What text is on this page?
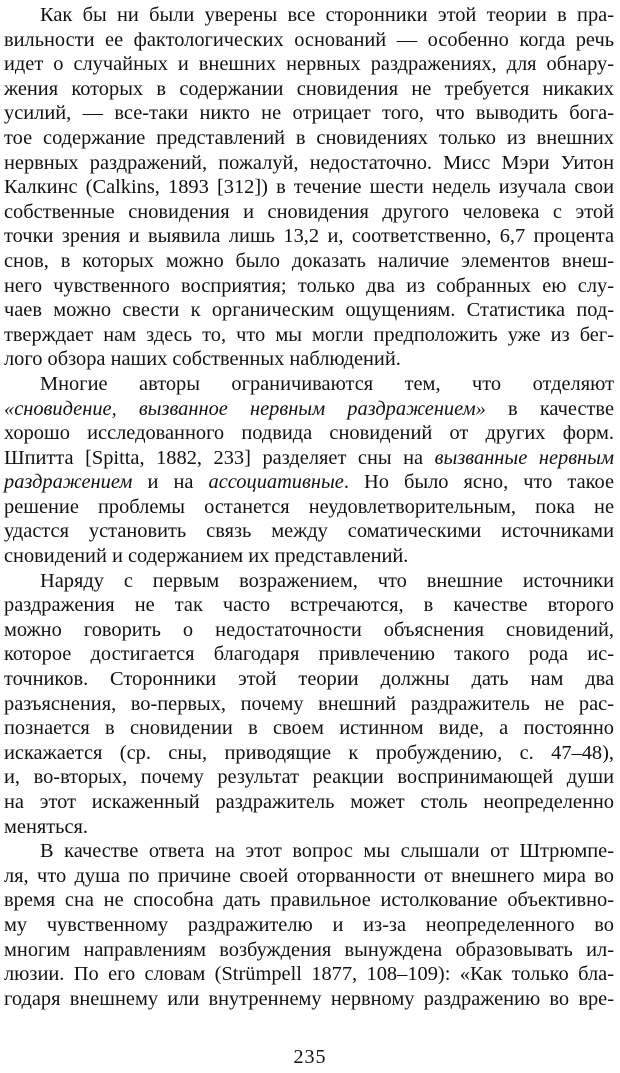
Как бы ни были уверены все сторонники этой теории в пра-
вильности ее фактологических оснований — особенно когда речь
идет о случайных и внешних нервных раздражениях, для обнару-
жения которых в содержании сновидения не требуется никаких
усилий, — все-таки никто не отрицает того, что выводить бога-
тое содержание представлений в сновидениях только из внешних
нервных раздражений, пожалуй, недостаточно. Мисс Мэри Уитон
Калкинс (Calkins, 1893 [312]) в течение шести недель изучала свои
собственные сновидения и сновидения другого человека с этой
точки зрения и выявила лишь 13,2 и, соответственно, 6,7 процента
снов, в которых можно было доказать наличие элементов внеш-
него чувственного восприятия; только два из собранных ею слу-
чаев можно свести к органическим ощущениям. Статистика под-
тверждает нам здесь то, что мы могли предположить уже из бег-
лого обзора наших собственных наблюдений.
Многие авторы ограничиваются тем, что отделяют
«сновидение, вызванное нервным раздражением» в качестве
хорошо исследованного подвида сновидений от других форм.
Шпитта [Spitta, 1882, 233] разделяет сны на вызванные нервным
раздражением и на ассоциативные. Но было ясно, что такое
решение проблемы останется неудовлетворительным, пока не
удастся установить связь между соматическими источниками
сновидений и содержанием их представлений.
Наряду с первым возражением, что внешние источники
раздражения не так часто встречаются, в качестве второго
можно говорить о недостаточности объяснения сновидений,
которое достигается благодаря привлечению такого рода ис-
точников. Сторонники этой теории должны дать нам два
разъяснения, во-первых, почему внешний раздражитель не рас-
познается в сновидении в своем истинном виде, а постоянно
искажается (ср. сны, приводящие к пробуждению, с. 47–48),
и, во-вторых, почему результат реакции воспринимающей души
на этот искаженный раздражитель может столь неопределенно
меняться.
В качестве ответа на этот вопрос мы слышали от Штрюмпе-
ля, что душа по причине своей оторванности от внешнего мира во
время сна не способна дать правильное истолкование объективно-
му чувственному раздражителю и из-за неопределенного во
многим направлениям возбуждения вынуждена образовывать ил-
люзии. По его словам (Strümpell 1877, 108–109): «Как только бла-
годаря внешнему или внутреннему нервному раздражению во вре-
235
